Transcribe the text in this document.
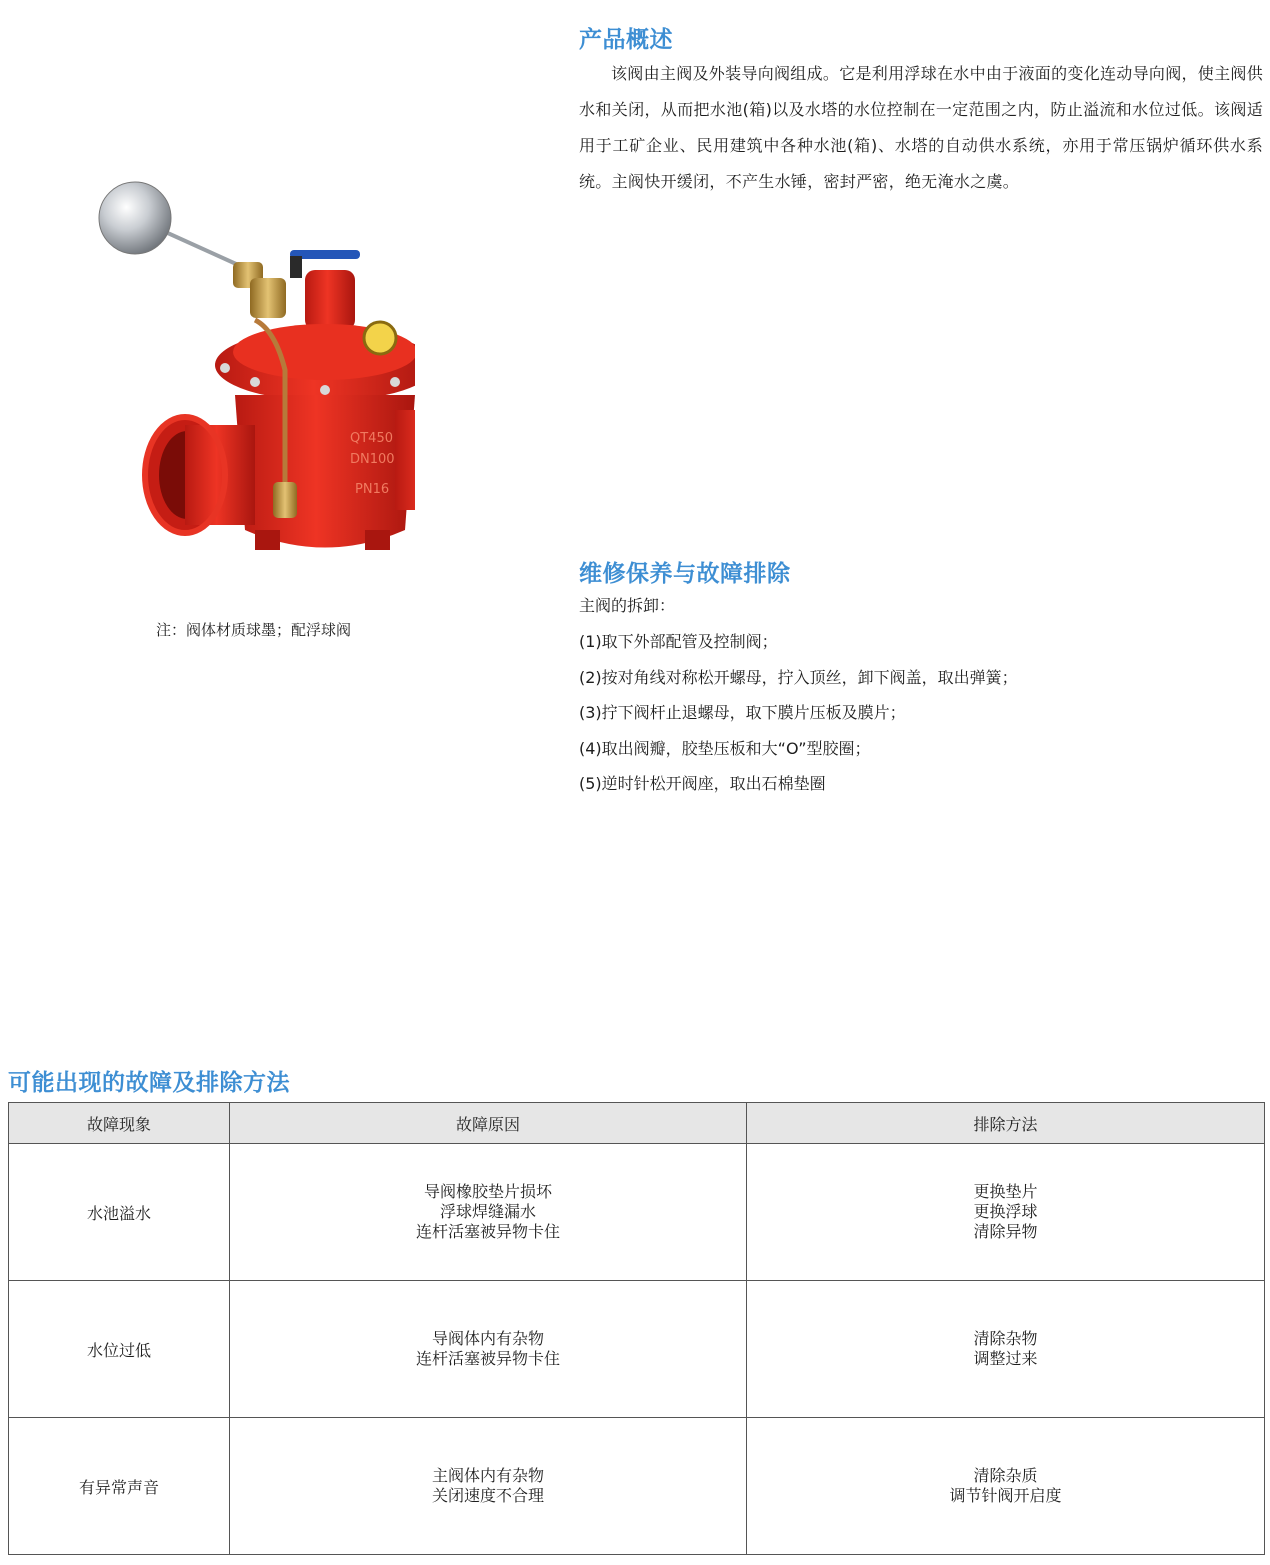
产品概述

该阀由主阀及外装导向阀组成。它是利用浮球在水中由于液面的变化连动导向阀，使主阀供水和关闭，从而把水池(箱)以及水塔的水位控制在一定范围之内，防止溢流和水位过低。该阀适用于工矿企业、民用建筑中各种水池(箱)、水塔的自动供水系统，亦用于常压锅炉循环供水系统。主阀快开缓闭，不产生水锤，密封严密，绝无淹水之虞。

QT450
DN100
PN16

注：阀体材质球墨；配浮球阀

维修保养与故障排除

主阀的拆卸：

(1)取下外部配管及控制阀；
(2)按对角线对称松开螺母，拧入顶丝，卸下阀盖，取出弹簧；
(3)拧下阀杆止退螺母，取下膜片压板及膜片；
(4)取出阀瓣，胶垫压板和大“O”型胶圈；
(5)逆时针松开阀座，取出石棉垫圈
可能出现的故障及排除方法
故障现象	故障原因	排除方法
水池溢水	导阀橡胶垫片损坏
浮球焊缝漏水
连杆活塞被异物卡住	更换垫片
更换浮球
清除异物

水位过低	导阀体内有杂物
连杆活塞被异物卡住	清除杂物
调整过来

有异常声音	主阀体内有杂物
关闭速度不合理	清除杂质
调节针阀开启度
